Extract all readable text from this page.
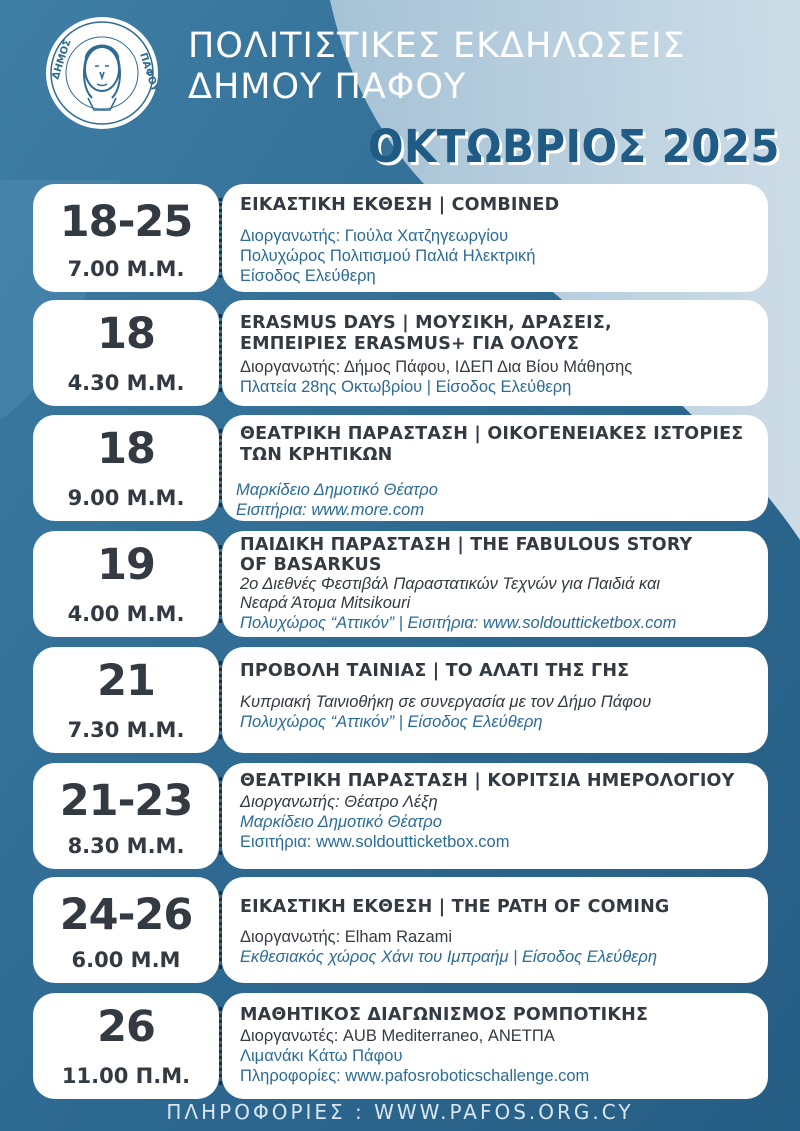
ΔΗΜΟΣ	ΠΑΦΟΥ
ΠΟΛΙΤΙΣΤΙΚΕΣ ΕΚΔΗΛΩΣΕΙΣ
ΔΗΜΟΥ ΠΑΦΟΥ
ΟΚΤΩΒΡΙΟΣ 2025
18-25
7.00 Μ.Μ.
ΕΙΚΑΣΤΙΚΗ ΕΚΘΕΣΗ | COMBINED
Διοργανωτής: Γιούλα Χατζηγεωργίου
Πολυχώρος Πολιτισμού Παλιά Ηλεκτρική
Είσοδος Ελεύθερη
18
4.30 Μ.Μ.
ERASMUS DAYS | ΜΟΥΣΙΚΗ, ΔΡΑΣΕΙΣ, ΕΜΠΕΙΡΙΕΣ ERASMUS+ ΓΙΑ ΟΛΟΥΣ
Διοργανωτής: Δήμος Πάφου, ΙΔΕΠ Δια Βίου Μάθησης
Πλατεία 28ης Οκτωβρίου | Είσοδος Ελεύθερη
18
9.00 Μ.Μ.
ΘΕΑΤΡΙΚΗ ΠΑΡΑΣΤΑΣΗ | ΟΙΚΟΓΕΝΕΙΑΚΕΣ ΙΣΤΟΡΙΕΣ ΤΩΝ ΚΡΗΤΙΚΩΝ
Μαρκίδειο Δημοτικό Θέατρο
Εισιτήρια: www.more.com
19
4.00 Μ.Μ.
ΠΑΙΔΙΚΗ ΠΑΡΑΣΤΑΣΗ | THE FABULOUS STORY OF BASARKUS
2ο Διεθνές Φεστιβάλ Παραστατικών Τεχνών για Παιδιά και
Νεαρά Άτομα Mitsikouri
Πολυχώρος “Αττικόν” | Εισιτήρια: www.soldoutticketbox.com
21
7.30 Μ.Μ.
ΠΡΟΒΟΛΗ ΤΑΙΝΙΑΣ | ΤΟ ΑΛΑΤΙ ΤΗΣ ΓΗΣ
Κυπριακή Ταινιοθήκη σε συνεργασία με τον Δήμο Πάφου
Πολυχώρος “Αττικόν” | Είσοδος Ελεύθερη
21-23
8.30 Μ.Μ.
ΘΕΑΤΡΙΚΗ ΠΑΡΑΣΤΑΣΗ | ΚΟΡΙΤΣΙΑ ΗΜΕΡΟΛΟΓΙΟΥ
Διοργανωτής: Θέατρο Λέξη
Μαρκίδειο Δημοτικό Θέατρο
Εισιτήρια: www.soldoutticketbox.com
24-26
6.00 Μ.Μ
ΕΙΚΑΣΤΙΚΗ ΕΚΘΕΣΗ | THE PATH OF COMING
Διοργανωτής: Elham Razami
Εκθεσιακός χώρος Χάνι του Ιμπραήμ | Είσοδος Ελεύθερη
26
11.00 Π.Μ.
ΜΑΘΗΤΙΚΟΣ ΔΙΑΓΩΝΙΣΜΟΣ ΡΟΜΠΟΤΙΚΗΣ
Διοργανωτές: AUB Mediterraneo, ΑΝΕΤΠΑ
Λιμανάκι Κάτω Πάφου
Πληροφορίες: www.pafosroboticschallenge.com
ΠΛΗΡΟΦΟΡΙΕΣ : WWW.PAFOS.ORG.CY
